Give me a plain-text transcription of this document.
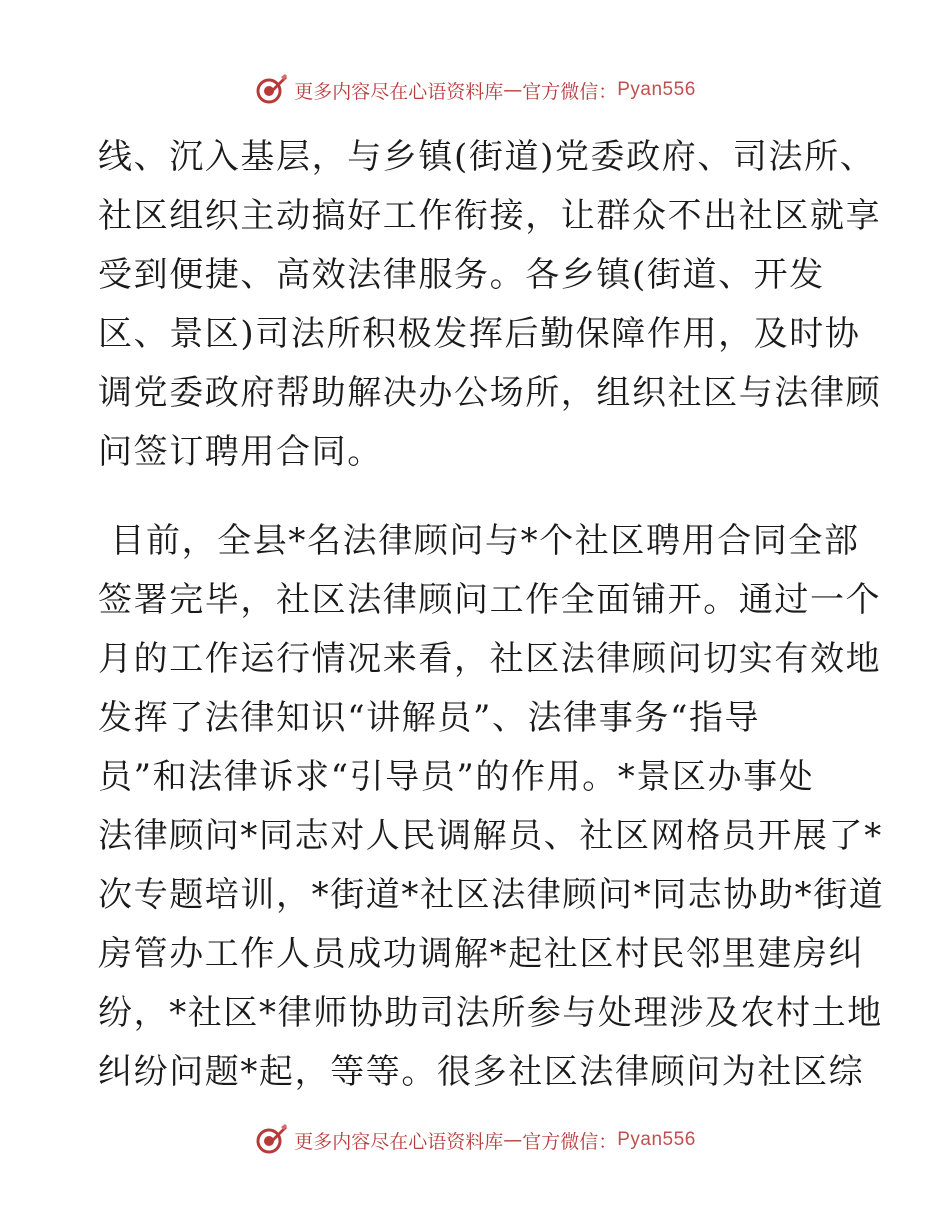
更多内容尽在心语资料库 — 官方微信： Pyan556
线、沉入基层，与乡镇(街道)党委政府、司法所、
社区组织主动搞好工作衔接，让群众不出社区就享
受到便捷、高效法律服务。各乡镇(街道、开发
区、景区)司法所积极发挥后勤保障作用，及时协
调党委政府帮助解决办公场所，组织社区与法律顾
问签订聘用合同。
目前，全县*名法律顾问与*个社区聘用合同全部
签署完毕，社区法律顾问工作全面铺开。通过一个
月的工作运行情况来看，社区法律顾问切实有效地
发挥了法律知识“讲解员”、法律事务“指导
员”和法律诉求“引导员”的作用。*景区办事处
法律顾问*同志对人民调解员、社区网格员开展了*
次专题培训，*街道*社区法律顾问*同志协助*街道
房管办工作人员成功调解*起社区村民邻里建房纠
纷，*社区*律师协助司法所参与处理涉及农村土地
纠纷问题*起，等等。很多社区法律顾问为社区综
更多内容尽在心语资料库 — 官方微信： Pyan556
